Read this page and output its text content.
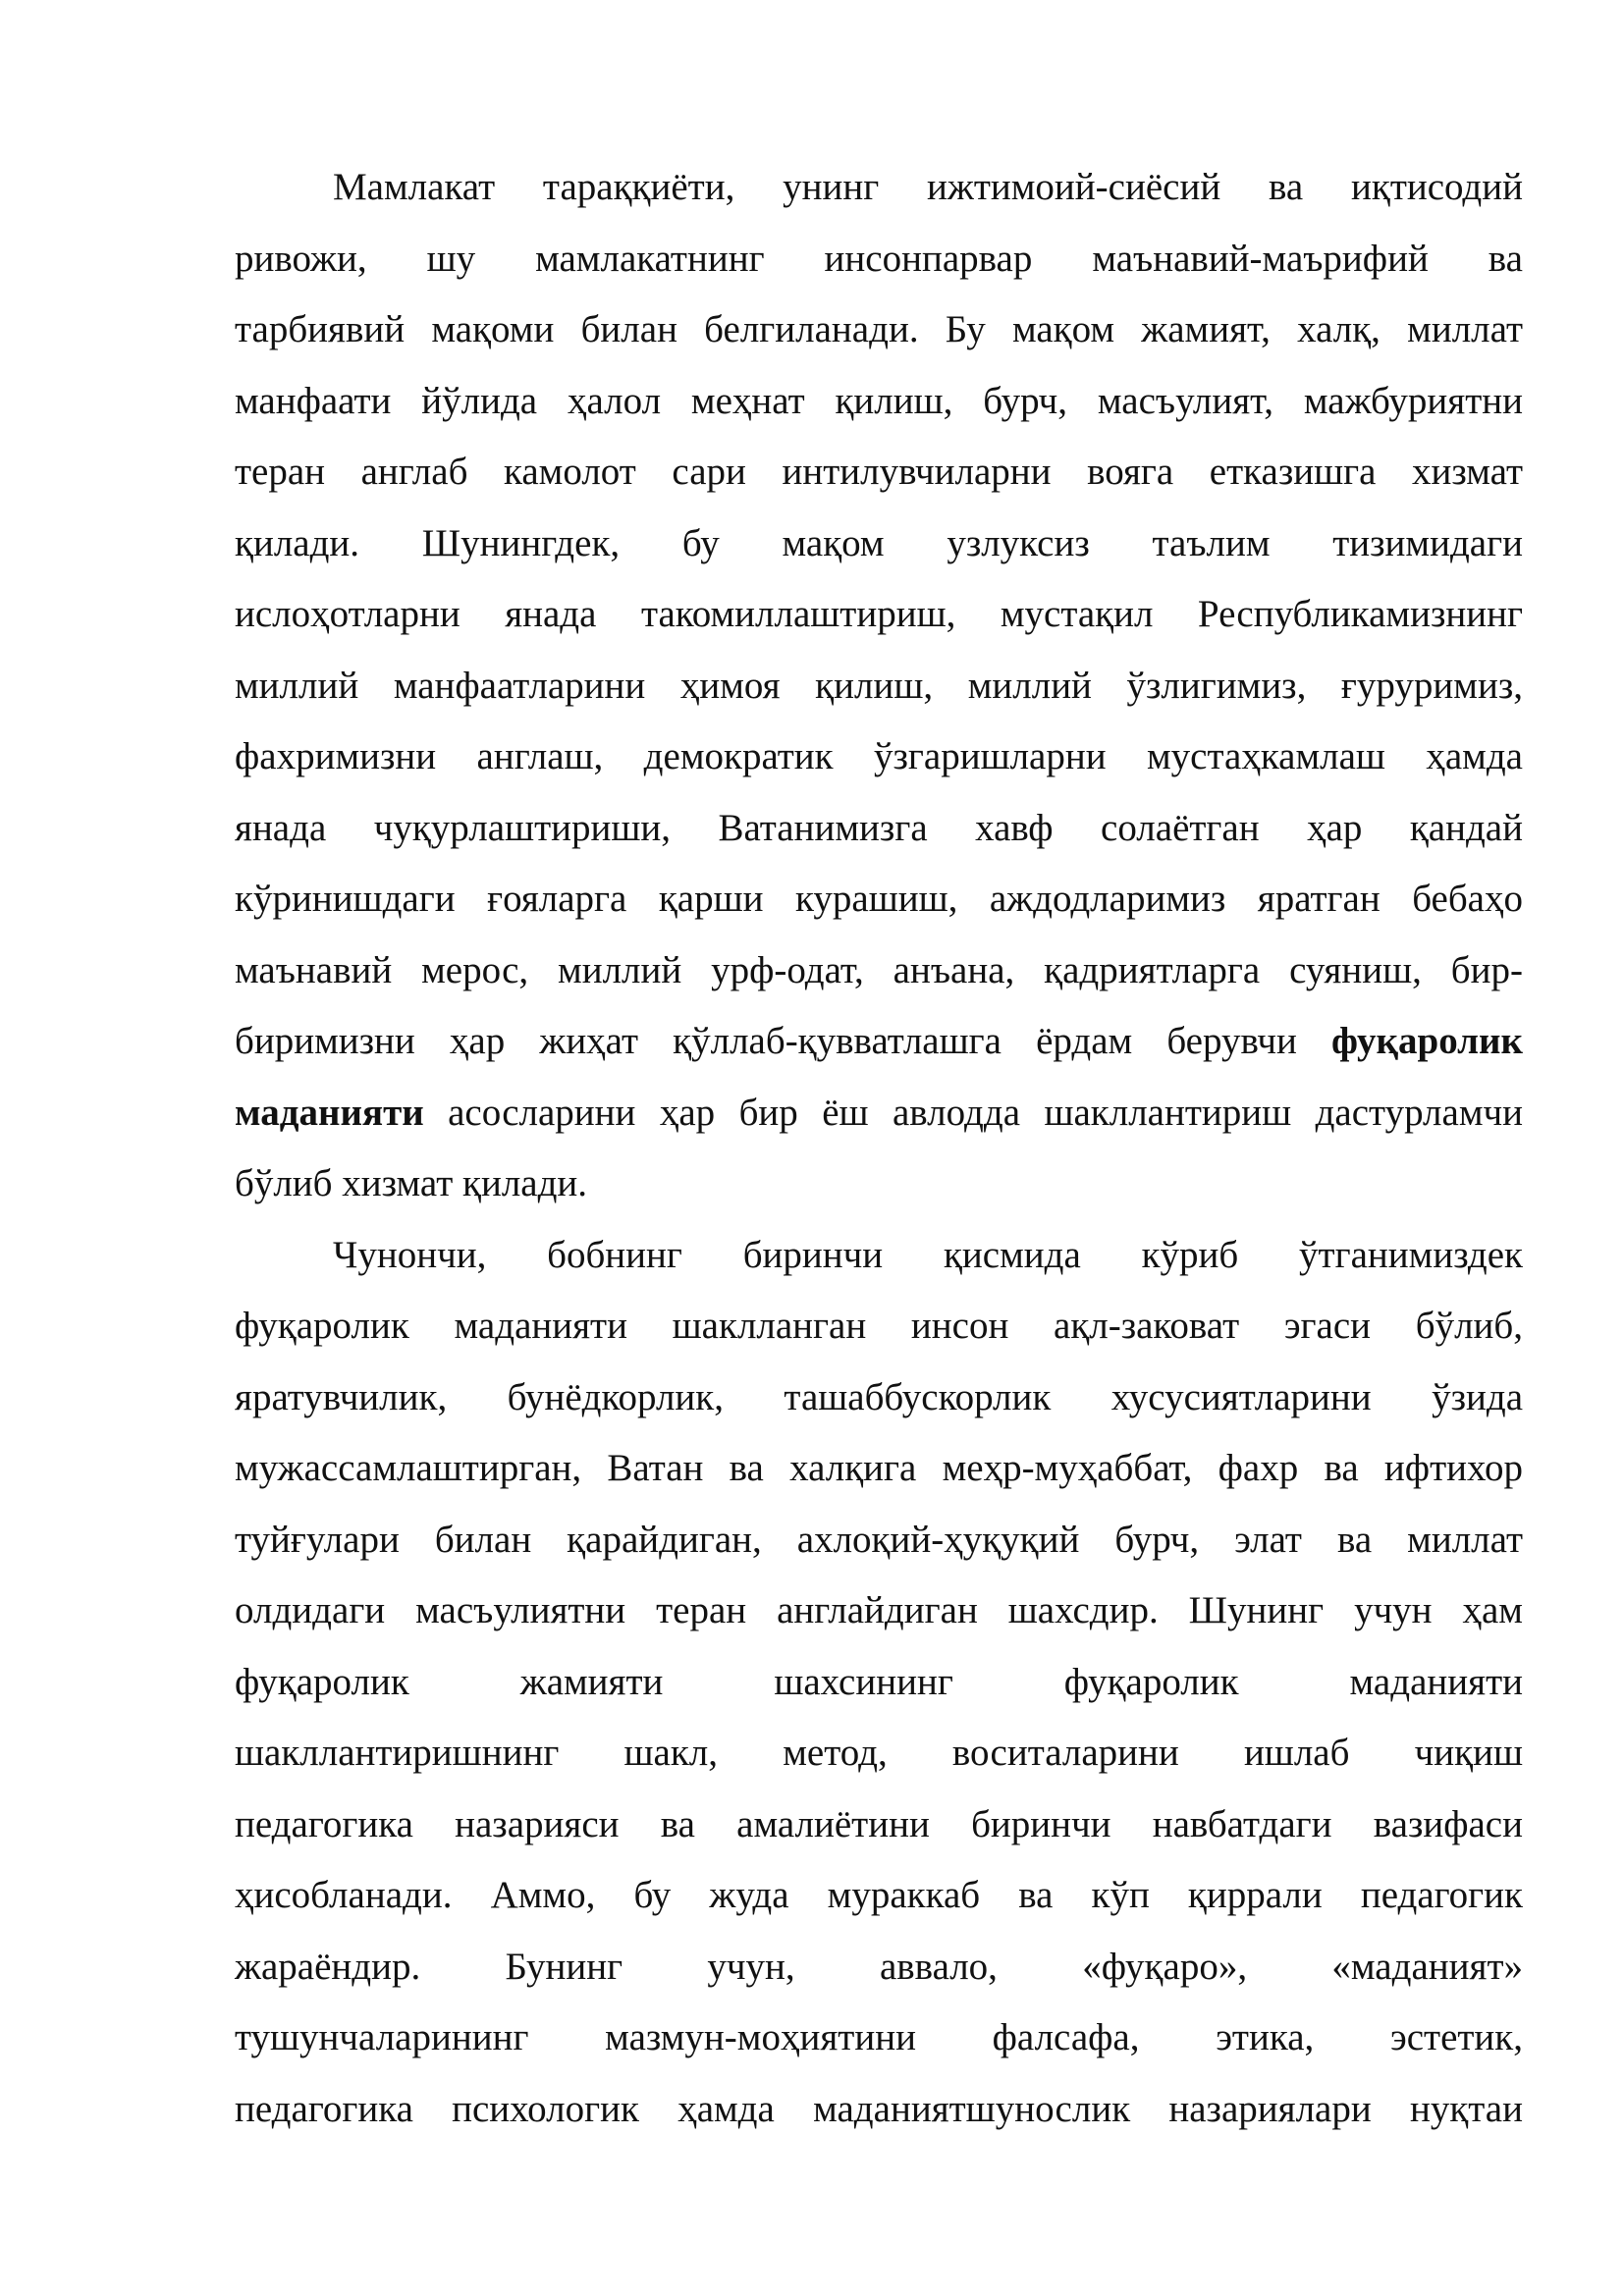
Мамлакат тараққиёти, унинг ижтимоий-сиёсий ва иқтисодий
ривожи, шу мамлакатнинг инсонпарвар маънавий-маърифий ва
тарбиявий мақоми билан белгиланади. Бу мақом жамият, халқ, миллат
манфаати йўлида ҳалол меҳнат қилиш, бурч, масъулият, мажбуриятни
теран англаб камолот сари интилувчиларни вояга етказишга хизмат
қилади. Шунингдек, бу мақом узлуксиз таълим тизимидаги
ислоҳотларни янада такомиллаштириш, мустақил Республикамизнинг
миллий манфаатларини ҳимоя қилиш, миллий ўзлигимиз, ғуруримиз,
фахримизни англаш, демократик ўзгаришларни мустаҳкамлаш ҳамда
янада чуқурлаштириши, Ватанимизга хавф солаётган ҳар қандай
кўринишдаги ғояларга қарши курашиш, аждодларимиз яратган бебаҳо
маънавий мерос, миллий урф-одат, анъана, қадриятларга суяниш, бир-
биримизни ҳар жиҳат қўллаб-қувватлашга ёрдам берувчи фуқаролик
маданияти асосларини ҳар бир ёш авлодда шакллантириш дастурламчи
бўлиб хизмат қилади.

Чунончи, бобнинг биринчи қисмида кўриб ўтганимиздек
фуқаролик маданияти шаклланган инсон ақл-заковат эгаси бўлиб,
яратувчилик, бунёдкорлик, ташаббускорлик хусусиятларини ўзида
мужассамлаштирган, Ватан ва халқига меҳр-муҳаббат, фахр ва ифтихор
туйғулари билан қарайдиган, ахлоқий-ҳуқуқий бурч, элат ва миллат
олдидаги масъулиятни теран англайдиган шахсдир. Шунинг учун ҳам
фуқаролик жамияти шахсининг фуқаролик маданияти
шакллантиришнинг шакл, метод, воситаларини ишлаб чиқиш
педагогика назарияси ва амалиётини биринчи навбатдаги вазифаси
ҳисобланади. Аммо, бу жуда мураккаб ва кўп қиррали педагогик
жараёндир. Бунинг учун, аввало, «фуқаро», «маданият»
тушунчаларининг мазмун-моҳиятини фалсафа, этика, эстетик,
педагогика психологик ҳамда маданиятшунослик назариялари нуқтаи
